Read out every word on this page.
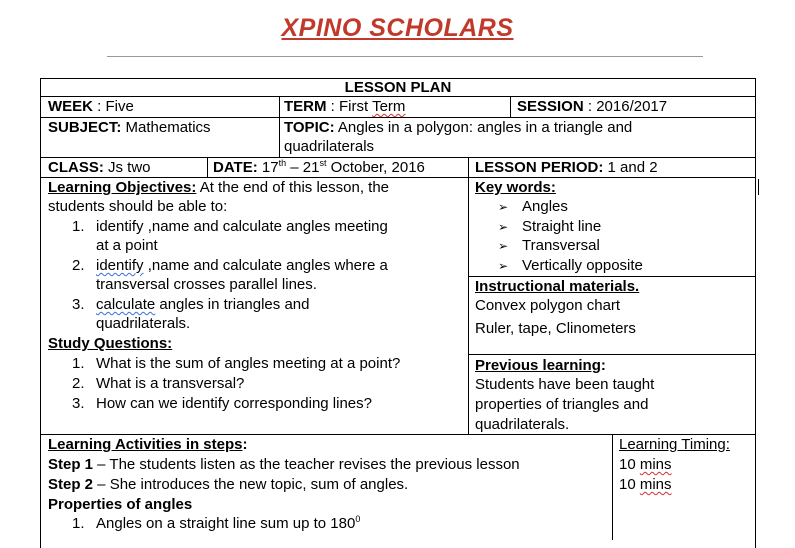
XPINO SCHOLARS
LESSON PLAN
WEEK : Five	TERM : First Term	SESSION : 2016/2017
SUBJECT: Mathematics	TOPIC: Angles in a polygon: angles in a triangle and
quadrilaterals
CLASS: Js two	DATE: 17th – 21st October, 2016	LESSON PERIOD: 1 and 2
Learning Objectives: At the end of this lesson, the
students should be able to:
1. identify ,name and calculate angles meeting
at a point
2. identify ,name and calculate angles where a
transversal crosses parallel lines.
3. calculate angles in triangles and
quadrilaterals.
Study Questions:
1. What is the sum of angles meeting at a point?
2. What is a transversal?
3. How can we identify corresponding lines?
Key words:
➢ Angles
➢ Straight line
➢ Transversal
➢ Vertically opposite
Instructional materials.
Convex polygon chart
Ruler, tape, Clinometers
Previous learning:
Students have been taught
properties of triangles and
quadrilaterals.
Learning Activities in steps:
Step 1 – The students listen as the teacher revises the previous lesson
Step 2 – She introduces the new topic, sum of angles.
Properties of angles
1. Angles on a straight line sum up to $180^0$
Learning Timing:
10 mins
10 mins
